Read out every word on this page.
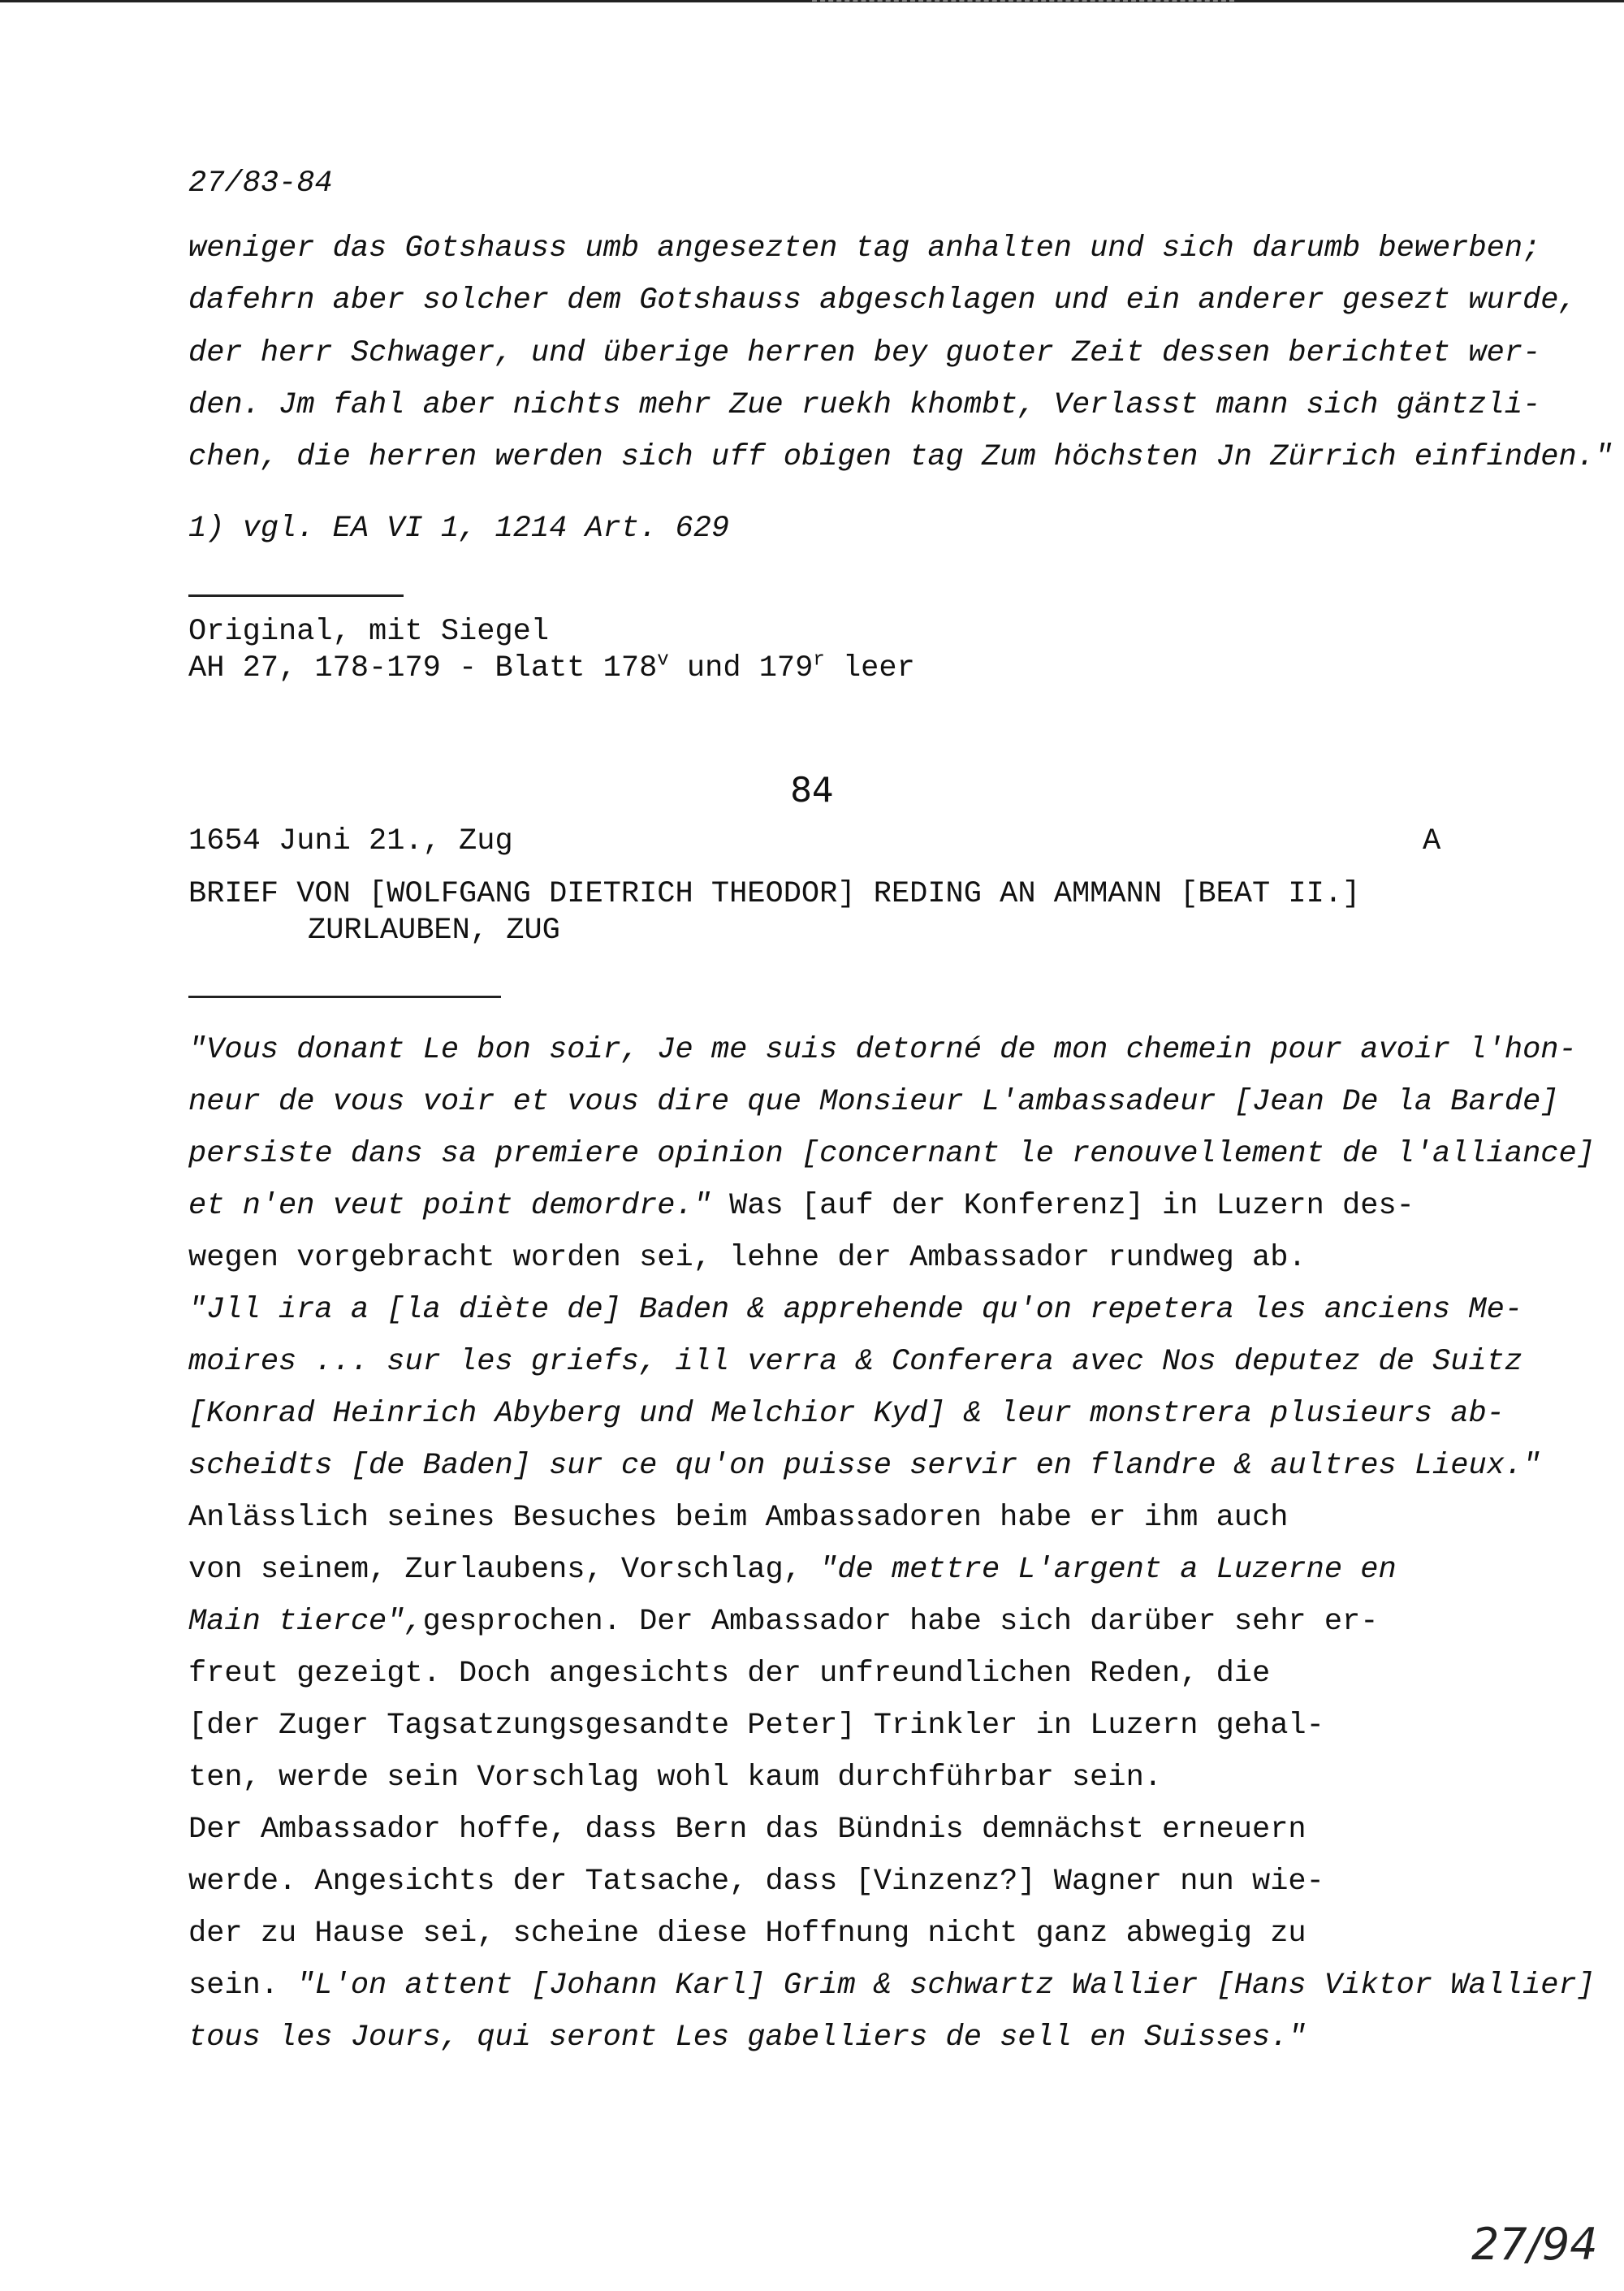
27/83-84
weniger das Gotshauss umb angesezten tag anhalten und sich darumb bewerben;
dafehrn aber solcher dem Gotshauss abgeschlagen und ein anderer gesezt wurde,
der herr Schwager, und überige herren bey guoter Zeit dessen berichtet wer-
den. Jm fahl aber nichts mehr Zue ruekh khombt, Verlasst mann sich gäntzli-
chen, die herren werden sich uff obigen tag Zum höchsten Jn Zürrich einfinden."
1) vgl. EA VI 1, 1214 Art. 629
Original, mit Siegel
AH 27, 178-179 - Blatt 178$^v$ und 179$^r$ leer
84
1654 Juni 21., Zug	A
BRIEF VON [WOLFGANG DIETRICH THEODOR] REDING AN AMMANN [BEAT II.]
ZURLAUBEN, ZUG
"Vous donant Le bon soir, Je me suis detorné de mon chemein pour avoir l'hon-
neur de vous voir et vous dire que Monsieur L'ambassadeur [Jean De la Barde]
persiste dans sa premiere opinion [concernant le renouvellement de l'alliance]
et n'en veut point demordre." Was [auf der Konferenz] in Luzern des-
wegen vorgebracht worden sei, lehne der Ambassador rundweg ab.
"Jll ira a [la diète de] Baden & apprehende qu'on repetera les anciens Me-
moires ... sur les griefs, ill verra & Conferera avec Nos deputez de Suitz
[Konrad Heinrich Abyberg und Melchior Kyd] & leur monstrera plusieurs ab-
scheidts [de Baden] sur ce qu'on puisse servir en flandre & aultres Lieux."
Anlässlich seines Besuches beim Ambassadoren habe er ihm auch
von seinem, Zurlaubens, Vorschlag, "de mettre L'argent a Luzerne en
Main tierce",gesprochen. Der Ambassador habe sich darüber sehr er-
freut gezeigt. Doch angesichts der unfreundlichen Reden, die
[der Zuger Tagsatzungsgesandte Peter] Trinkler in Luzern gehal-
ten, werde sein Vorschlag wohl kaum durchführbar sein.
Der Ambassador hoffe, dass Bern das Bündnis demnächst erneuern
werde. Angesichts der Tatsache, dass [Vinzenz?] Wagner nun wie-
der zu Hause sei, scheine diese Hoffnung nicht ganz abwegig zu
sein. "L'on attent [Johann Karl] Grim & schwartz Wallier [Hans Viktor Wallier]
tous les Jours, qui seront Les gabelliers de sell en Suisses."
27/94
